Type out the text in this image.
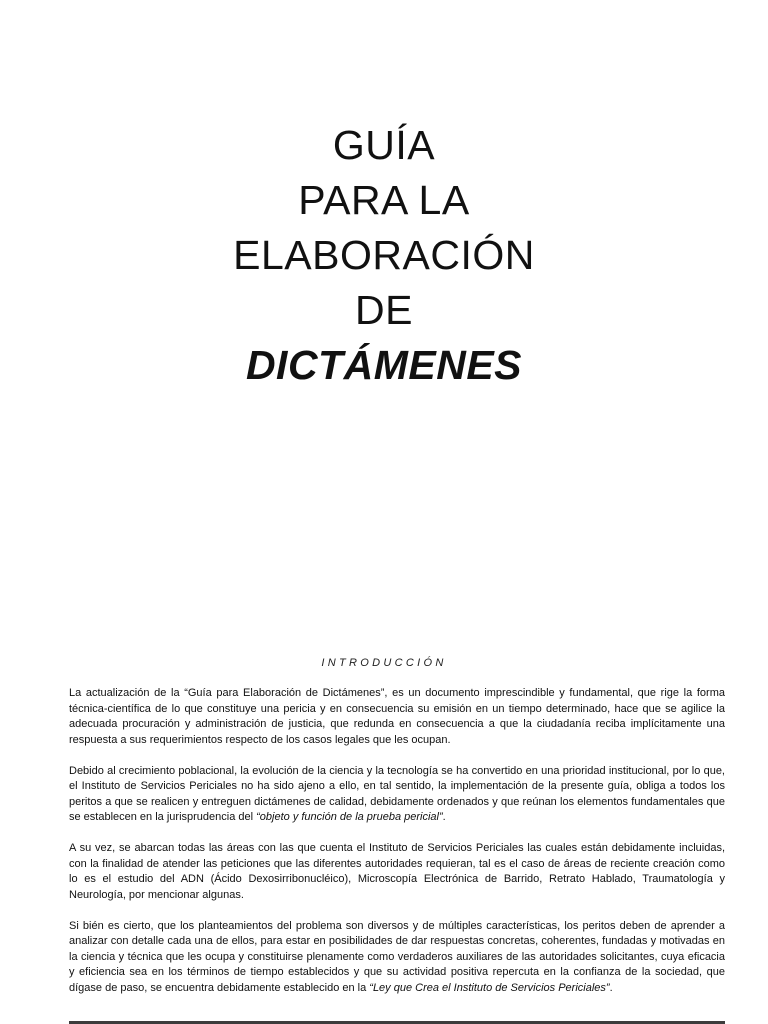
GUÍA
PARA LA
ELABORACIÓN
DE
DICTÁMENES
INTRODUCCIÓN

La actualización de la “Guía para Elaboración de Dictámenes”, es un documento imprescindible y fundamental, que rige la forma técnica-científica de lo que constituye una pericia y en consecuencia su emisión en un tiempo determinado, hace que se agilice la adecuada procuración y administración de justicia, que redunda en consecuencia a que la ciudadanía reciba implícitamente una respuesta a sus requerimientos respecto de los casos legales que les ocupan.

Debido al crecimiento poblacional, la evolución de la ciencia y la tecnología se ha convertido en una prioridad institucional, por lo que, el Instituto de Servicios Periciales no ha sido ajeno a ello, en tal sentido, la implementación de la presente guía, obliga a todos los peritos a que se realicen y entreguen dictámenes de calidad, debidamente ordenados y que reúnan los elementos fundamentales que se establecen en la jurisprudencia del “objeto y función de la prueba pericial”.

A su vez, se abarcan todas las áreas con las que cuenta el Instituto de Servicios Periciales las cuales están debidamente incluidas, con la finalidad de atender las peticiones que las diferentes autoridades requieran, tal es el caso de áreas de reciente creación como lo es el estudio del ADN (Ácido Dexosirribonucléico), Microscopía Electrónica de Barrido, Retrato Hablado, Traumatología y Neurología, por mencionar algunas.

Si bién es cierto, que los planteamientos del problema son diversos y de múltiples características, los peritos deben de aprender a analizar con detalle cada una de ellos, para estar en posibilidades de dar respuestas concretas, coherentes, fundadas y motivadas en la ciencia y técnica que les ocupa y constituirse plenamente como verdaderos auxiliares de las autoridades solicitantes, cuya eficacia y eficiencia sea en los términos de tiempo establecidos y que su actividad positiva repercuta en la confianza de la sociedad, que dígase de paso, se encuentra debidamente establecido en la “Ley que Crea el Instituto de Servicios Periciales”.
